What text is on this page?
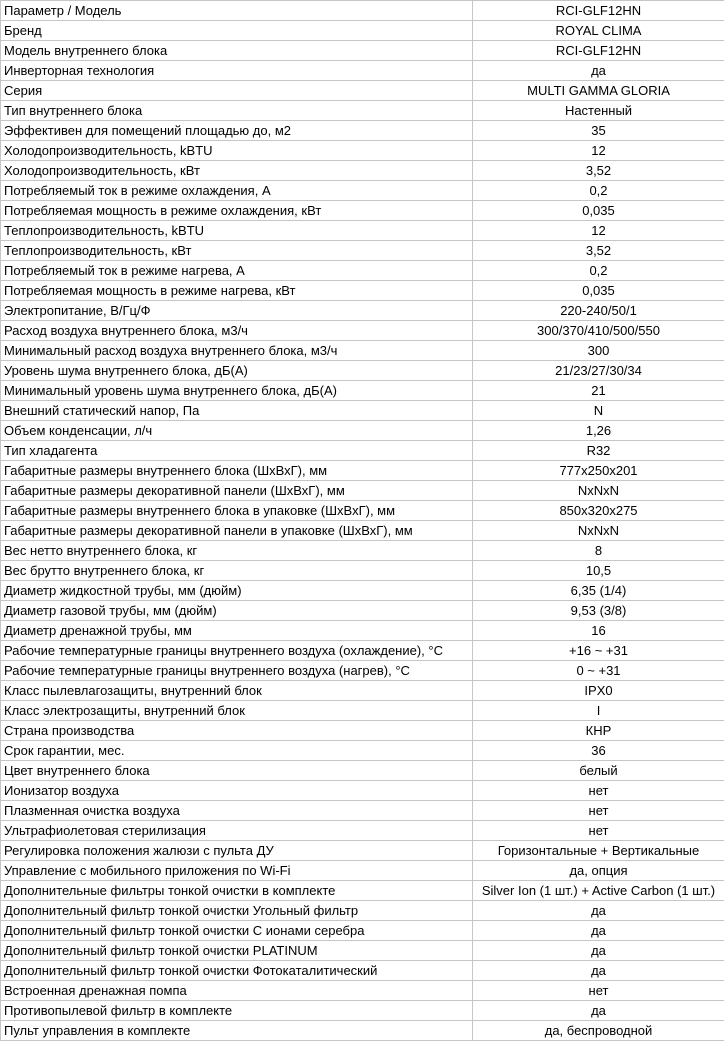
Параметр / Модель	RCI-GLF12HN
Бренд	ROYAL CLIMA
Модель внутреннего блока	RCI-GLF12HN
Инверторная технология	да
Серия	MULTI GAMMA GLORIA
Тип внутреннего блока	Настенный
Эффективен для помещений площадью до, м2	35
Холодопроизводительность, kBTU	12
Холодопроизводительность, кВт	3,52
Потребляемый ток в режиме охлаждения, А	0,2
Потребляемая мощность в режиме охлаждения, кВт	0,035
Теплопроизводительность, kBTU	12
Теплопроизводительность, кВт	3,52
Потребляемый ток в режиме нагрева, А	0,2
Потребляемая мощность в режиме нагрева, кВт	0,035
Электропитание, В/Гц/Ф	220-240/50/1
Расход воздуха внутреннего блока, м3/ч	300/370/410/500/550
Минимальный расход воздуха внутреннего блока, м3/ч	300
Уровень шума внутреннего блока, дБ(А)	21/23/27/30/34
Минимальный уровень шума внутреннего блока, дБ(А)	21
Внешний статический напор, Па	N
Объем конденсации, л/ч	1,26
Тип хладагента	R32
Габаритные размеры внутреннего блока (ШхВхГ), мм	777x250x201
Габаритные размеры декоративной панели (ШхВхГ), мм	NxNxN
Габаритные размеры внутреннего блока в упаковке (ШхВхГ), мм	850x320x275
Габаритные размеры декоративной панели в упаковке (ШхВхГ), мм	NxNxN
Вес нетто внутреннего блока, кг	8
Вес брутто внутреннего блока, кг	10,5
Диаметр жидкостной трубы, мм (дюйм)	6,35 (1/4)
Диаметр газовой трубы, мм (дюйм)	9,53 (3/8)
Диаметр дренажной трубы, мм	16
Рабочие температурные границы внутреннего воздуха (охлаждение), °С	+16 ~ +31
Рабочие температурные границы внутреннего воздуха (нагрев), °С	0 ~ +31
Класс пылевлагозащиты, внутренний блок	IPX0
Класс электрозащиты, внутренний блок	I
Страна производства	КНР
Срок гарантии, мес.	36
Цвет внутреннего блока	белый
Ионизатор воздуха	нет
Плазменная очистка воздуха	нет
Ультрафиолетовая стерилизация	нет
Регулировка положения жалюзи с пульта ДУ	Горизонтальные + Вертикальные
Управление с мобильного приложения по Wi-Fi	да, опция
Дополнительные фильтры тонкой очистки в комплекте	Silver Ion (1 шт.) + Active Carbon (1 шт.)
Дополнительный фильтр тонкой очистки Угольный фильтр	да
Дополнительный фильтр тонкой очистки С ионами серебра	да
Дополнительный фильтр тонкой очистки PLATINUM	да
Дополнительный фильтр тонкой очистки Фотокаталитический	да
Встроенная дренажная помпа	нет
Противопылевой фильтр в комплекте	да
Пульт управления в комплекте	да, беспроводной
